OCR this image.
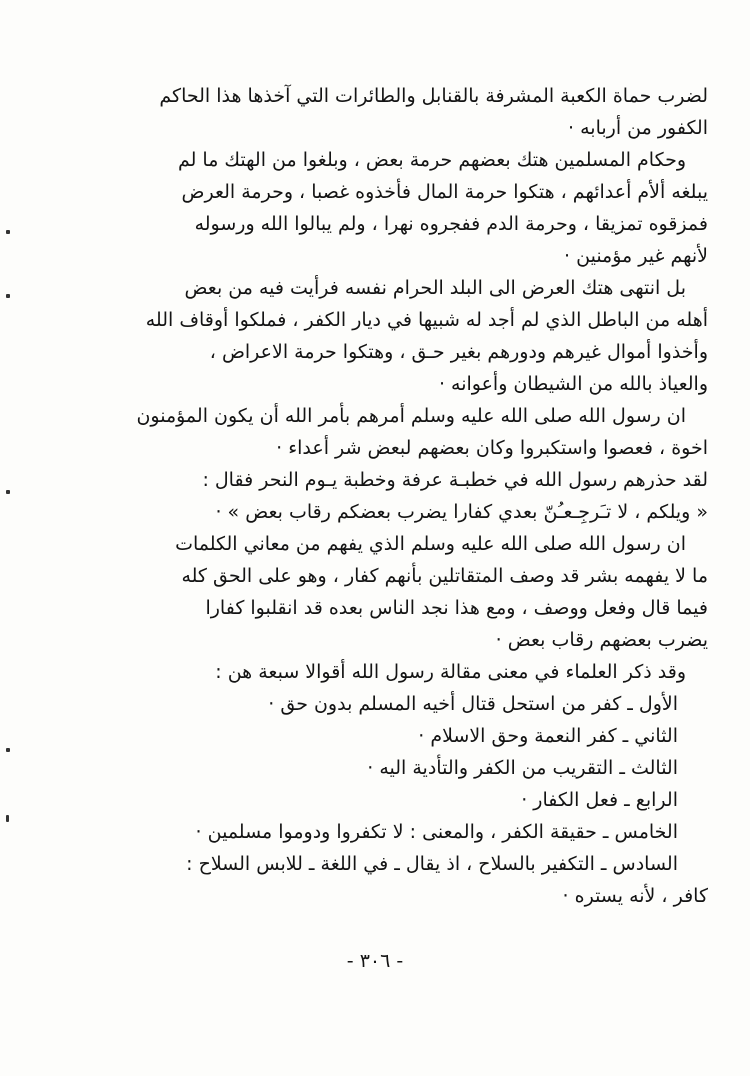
لضرب حماة الكعبة المشرفة بالقنابل والطائرات التي آخذها هذا الحاكم
الكفور من أربابه ·
وحكام المسلمين هتك بعضهم حرمة بعض ، وبلغوا من الهتك ما لم
يبلغه ألأم أعدائهم ، هتكوا حرمة المال فأخذوه غصبا ، وحرمة العرض
فمزقوه تمزيقا ، وحرمة الدم ففجروه نهرا ، ولم يبالوا الله ورسوله
لأنهم غير مؤمنين ·
بل انتهى هتك العرض الى البلد الحرام نفسه فرأيت فيه من بعض
أهله من الباطل الذي لم أجد له شبيها في ديار الكفر ، فملكوا أوقاف الله
وأخذوا أموال غيرهم ودورهم بغير حـق ، وهتكوا حرمة الاعراض ،
والعياذ بالله من الشيطان وأعوانه ·
ان رسول الله صلى الله عليه وسلم أمرهم بأمر الله أن يكون المؤمنون
اخوة ، فعصوا واستكبروا وكان بعضهم لبعض شر أعداء ·
لقد حذرهم رسول الله في خطبـة عرفة وخطبة يـوم النحر فقال :
« ويلكم ، لا تـَرجِـعـُنّ بعدي كفارا يضرب بعضكم رقاب بعض » ·
ان رسول الله صلى الله عليه وسلم الذي يفهم من معاني الكلمات
ما لا يفهمه بشر قد وصف المتقاتلين بأنهم كفار ، وهو على الحق كله
فيما قال وفعل ووصف ، ومع هذا نجد الناس بعده قد انقلبوا كفارا
يضرب بعضهم رقاب بعض ·
وقد ذكر العلماء في معنى مقالة رسول الله أقوالا سبعة هن :
الأول ـ كفر من استحل قتال أخيه المسلم بدون حق ·
الثاني ـ كفر النعمة وحق الاسلام ·
الثالث ـ التقريب من الكفر والتأدية اليه ·
الرابع ـ فعل الكفار ·
الخامس ـ حقيقة الكفر ، والمعنى : لا تكفروا ودوموا مسلمين ·
السادس ـ التكفير بالسلاح ، اذ يقال ـ في اللغة ـ للابس السلاح :
كافر ، لأنه يستره ·
- ٣٠٦ -
